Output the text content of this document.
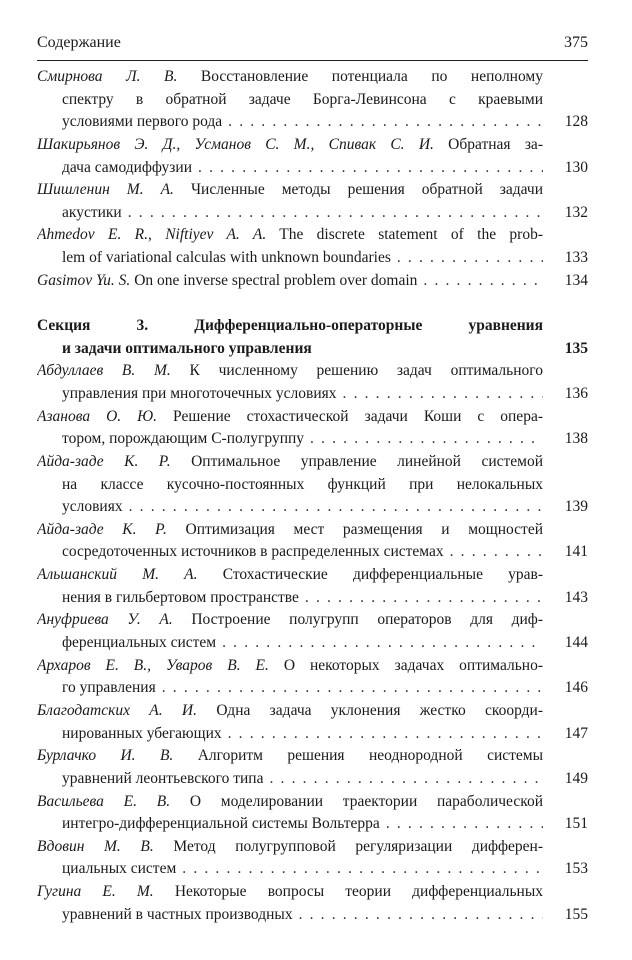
Содержание	375
Смирнова Л. В. Восстановление потенциала по неполному
спектру в обратной задаче Борга-Левинсона с краевыми
условиями первого рода . . .	128
Шакирьянов Э. Д., Усманов С. М., Спивак С. И. Обратная за-
дача самодиффузии . . .	130
Шишленин М. А. Численные методы решения обратной задачи
акустики . . .	132
Ahmedov E. R., Niftiyev A. A. The discrete statement of the prob-
lem of variational calculas with unknown boundaries . . .	133
Gasimov Yu. S. On one inverse spectral problem over domain . . .	134
Секция 3. Дифференциально-операторные уравнения
и задачи оптимального управления	135
Абдуллаев В. М. К численному решению задач оптимального
управления при многоточечных условиях . . .	136
Азанова О. Ю. Решение стохастической задачи Коши с опера-
тором, порождающим C-полугруппу . . .	138
Айда-заде К. Р. Оптимальное управление линейной системой
на классе кусочно-постоянных функций при нелокальных
условиях . . .	139
Айда-заде К. Р. Оптимизация мест размещения и мощностей
сосредоточенных источников в распределенных системах . . .	141
Альшанский М. А. Стохастические дифференциальные урав-
нения в гильбертовом пространстве . . .	143
Ануфриева У. А. Построение полугрупп операторов для диф-
ференциальных систем . . .	144
Архаров Е. В., Уваров В. Е. О некоторых задачах оптимально-
го управления . . .	146
Благодатских А. И. Одна задача уклонения жестко скоорди-
нированных убегающих . . .	147
Бурлачко И. В. Алгоритм решения неоднородной системы
уравнений леонтьевского типа . . .	149
Васильева Е. В. О моделировании траектории параболической
интегро-дифференциальной системы Вольтерра . . .	151
Вдовин М. В. Метод полугрупповой регуляризации дифферен-
циальных систем . . .	153
Гугина Е. М. Некоторые вопросы теории дифференциальных
уравнений в частных производных . . .	155
